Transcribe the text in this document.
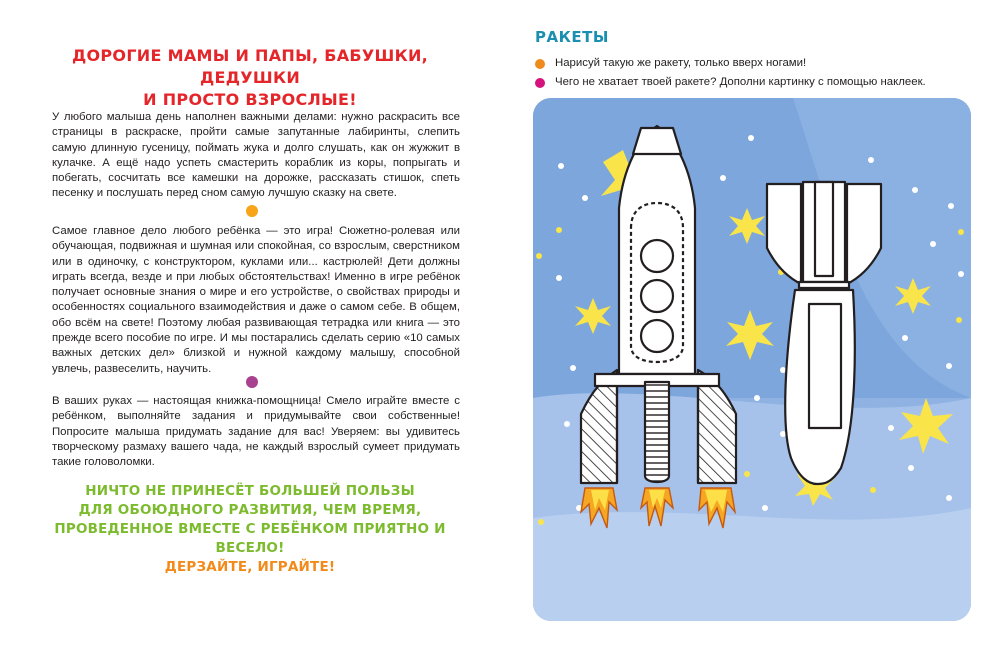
ДОРОГИЕ МАМЫ И ПАПЫ, БАБУШКИ, ДЕДУШКИ
И ПРОСТО ВЗРОСЛЫЕ!

У любого малыша день наполнен важными делами: нужно раскрасить все страницы в раскраске, пройти самые запутанные лабиринты, слепить самую длинную гусеницу, поймать жука и долго слушать, как он жужжит в кулачке. А ещё надо успеть смастерить кораблик из коры, попрыгать и побегать, сосчитать все камешки на дорожке, рассказать стишок, спеть песенку и послушать перед сном самую лучшую сказку на свете.

Самое главное дело любого ребёнка — это игра! Сюжетно-ролевая или обучающая, подвижная и шумная или спокойная, со взрослым, сверстником или в одиночку, с конструктором, куклами или... кастрюлей! Дети должны играть всегда, везде и при любых обстоятельствах! Именно в игре ребёнок получает основные знания о мире и его устройстве, о свойствах природы и особенностях социального взаимодействия и даже о самом себе. В общем, обо всём на свете! Поэтому любая развивающая тетрадка или книга — это прежде всего пособие по игре. И мы постарались сделать серию «10 самых важных детских дел» близкой и нужной каждому малышу, способной увлечь, развеселить, научить.

В ваших руках — настоящая книжка-помощница! Смело играйте вместе с ребёнком, выполняйте задания и придумывайте свои собственные! Попросите малыша придумать задание для вас! Уверяем: вы удивитесь творческому размаху вашего чада, не каждый взрослый сумеет придумать такие головоломки.

НИЧТО НЕ ПРИНЕСЁТ БОЛЬШЕЙ ПОЛЬЗЫ
ДЛЯ ОБОЮДНОГО РАЗВИТИЯ, ЧЕМ ВРЕМЯ,
ПРОВЕДЕННОЕ ВМЕСТЕ С РЕБЁНКОМ ПРИЯТНО И ВЕСЕЛО!
ДЕРЗАЙТЕ, ИГРАЙТЕ!
РАКЕТЫ
Нарисуй такую же ракету, только вверх ногами!
Чего не хватает твоей ракете? Дополни картинку с помощью наклеек.
